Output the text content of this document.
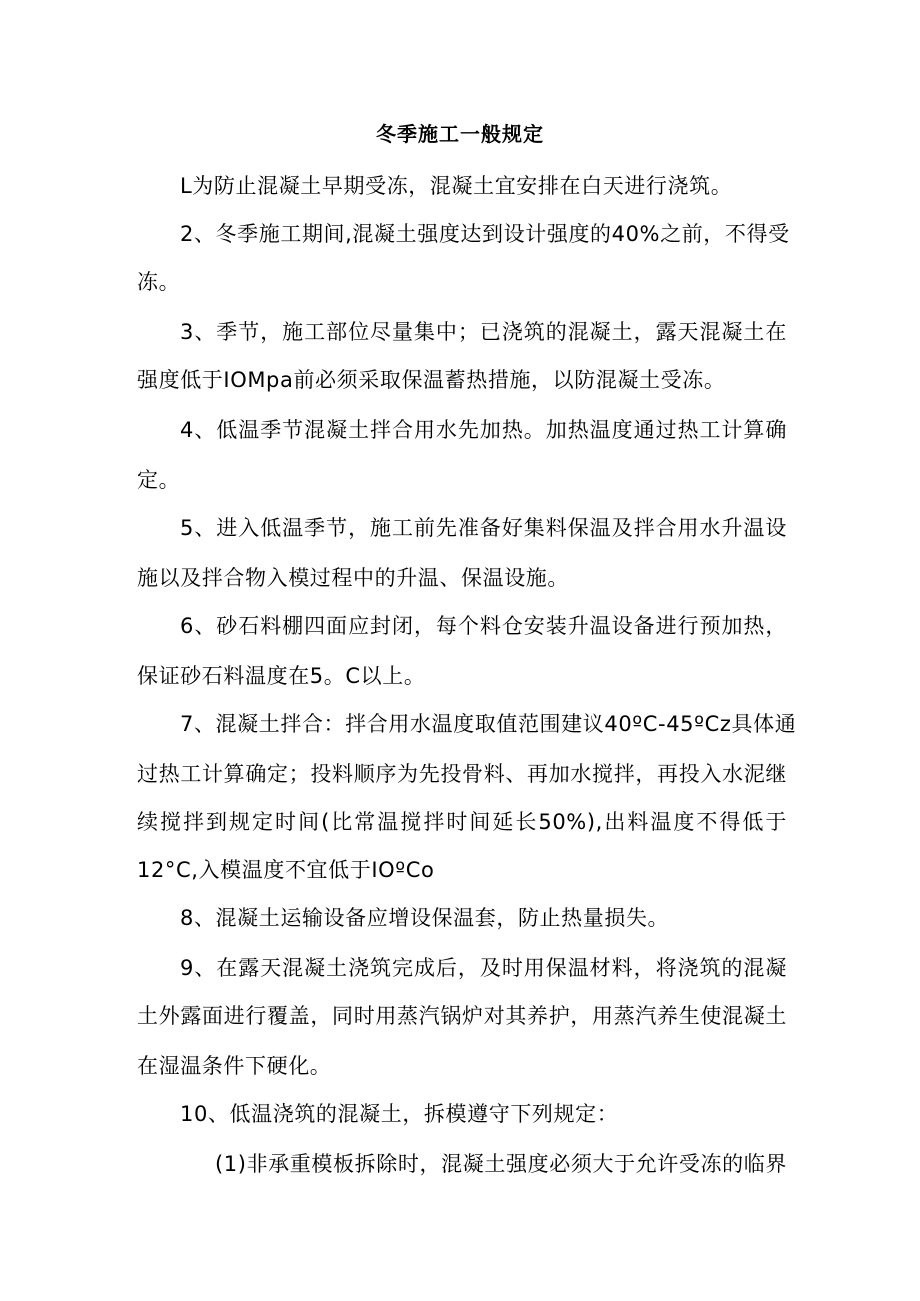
冬季施工一般规定
L为防止混凝土早期受冻，混凝土宜安排在白天进行浇筑。
2、冬季施工期间,混凝土强度达到设计强度的40%之前，不得受
冻。
3、季节，施工部位尽量集中；已浇筑的混凝土，露天混凝土在
强度低于IOMpa前必须采取保温蓄热措施，以防混凝土受冻。
4、低温季节混凝土拌合用水先加热。加热温度通过热工计算确
定。
5、进入低温季节，施工前先准备好集料保温及拌合用水升温设
施以及拌合物入模过程中的升温、保温设施。
6、砂石料棚四面应封闭，每个料仓安装升温设备进行预加热，
保证砂石料温度在5。C以上。
7、混凝土拌合：拌合用水温度取值范围建议40ºC-45ºCz具体通
过热工计算确定；投料顺序为先投骨料、再加水搅拌，再投入水泥继
续搅拌到规定时间(比常温搅拌时间延长50%),出料温度不得低于
12°C,入模温度不宜低于IOºCo
8、混凝土运输设备应增设保温套，防止热量损失。
9、在露天混凝土浇筑完成后，及时用保温材料，将浇筑的混凝
土外露面进行覆盖，同时用蒸汽锅炉对其养护，用蒸汽养生使混凝土
在湿温条件下硬化。
10、低温浇筑的混凝土，拆模遵守下列规定：
(1)非承重模板拆除时，混凝土强度必须大于允许受冻的临界
